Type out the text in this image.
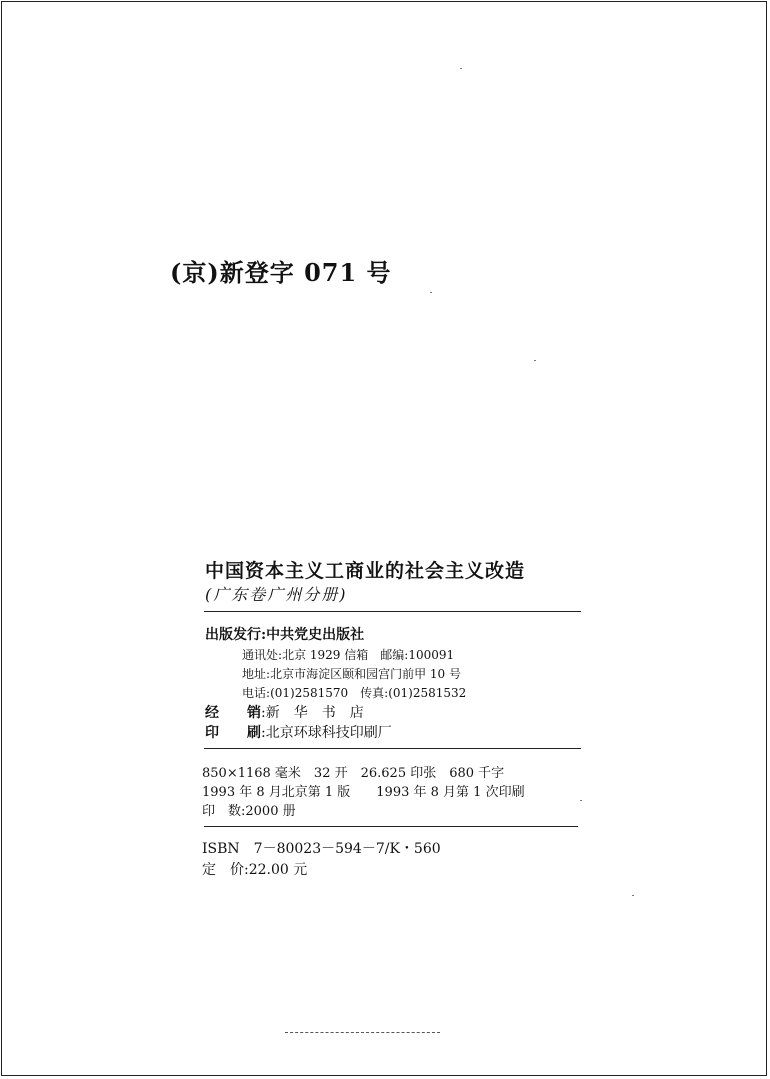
(京)新登字 071 号
中国资本主义工商业的社会主义改造
(广东卷广州分册)
出版发行:中共党史出版社
通讯处:北京 1929 信箱　 邮编:100091
地址:北京市海淀区颐和园宫门前甲 10 号
电话:(01)2581570　 传真:(01)2581532
经　　销:新　华　书　店
印　　刷:北京环球科技印刷厂
850×1168 毫米　32 开　26.625 印张　680 千字
1993 年 8 月北京第 1 版　　1993 年 8 月第 1 次印刷
印　数:2000 册
ISBN　7－80023－594－7/K・560
定　价:22.00 元
